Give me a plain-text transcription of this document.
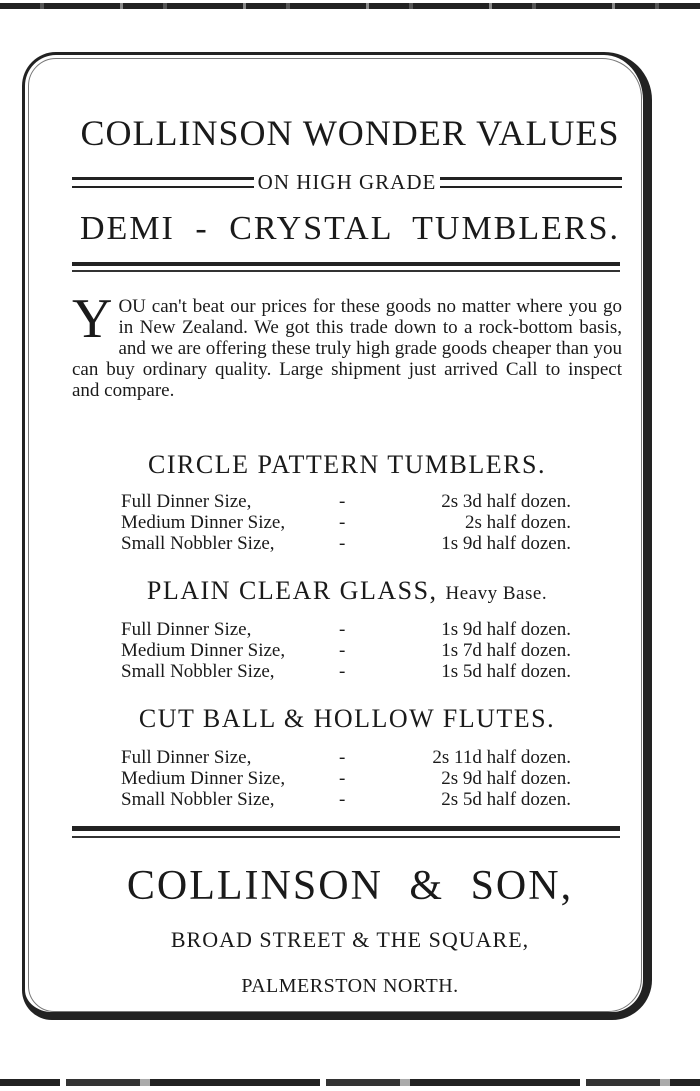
COLLINSON WONDER VALUES
ON HIGH GRADE
DEMI - CRYSTAL TUMBLERS.
Y OU can't beat our prices for these goods no matter where you go in New Zealand. We got this trade down to a rock-bottom basis, and we are offering these truly high grade goods cheaper than you can buy ordinary quality. Large shipment just arrived Call to inspect and compare.
CIRCLE PATTERN TUMBLERS.
Full Dinner Size,	-	2s 3d half dozen.
Medium Dinner Size,	-	2s half dozen.
Small Nobbler Size,	-	1s 9d half dozen.
PLAIN CLEAR GLASS, Heavy Base.
Full Dinner Size,	-	1s 9d half dozen.
Medium Dinner Size,	-	1s 7d half dozen.
Small Nobbler Size,	-	1s 5d half dozen.
CUT BALL & HOLLOW FLUTES.
Full Dinner Size,	-	2s 11d half dozen.
Medium Dinner Size,	-	2s 9d half dozen.
Small Nobbler Size,	-	2s 5d half dozen.
COLLINSON & SON,
BROAD STREET & THE SQUARE,
PALMERSTON NORTH.
